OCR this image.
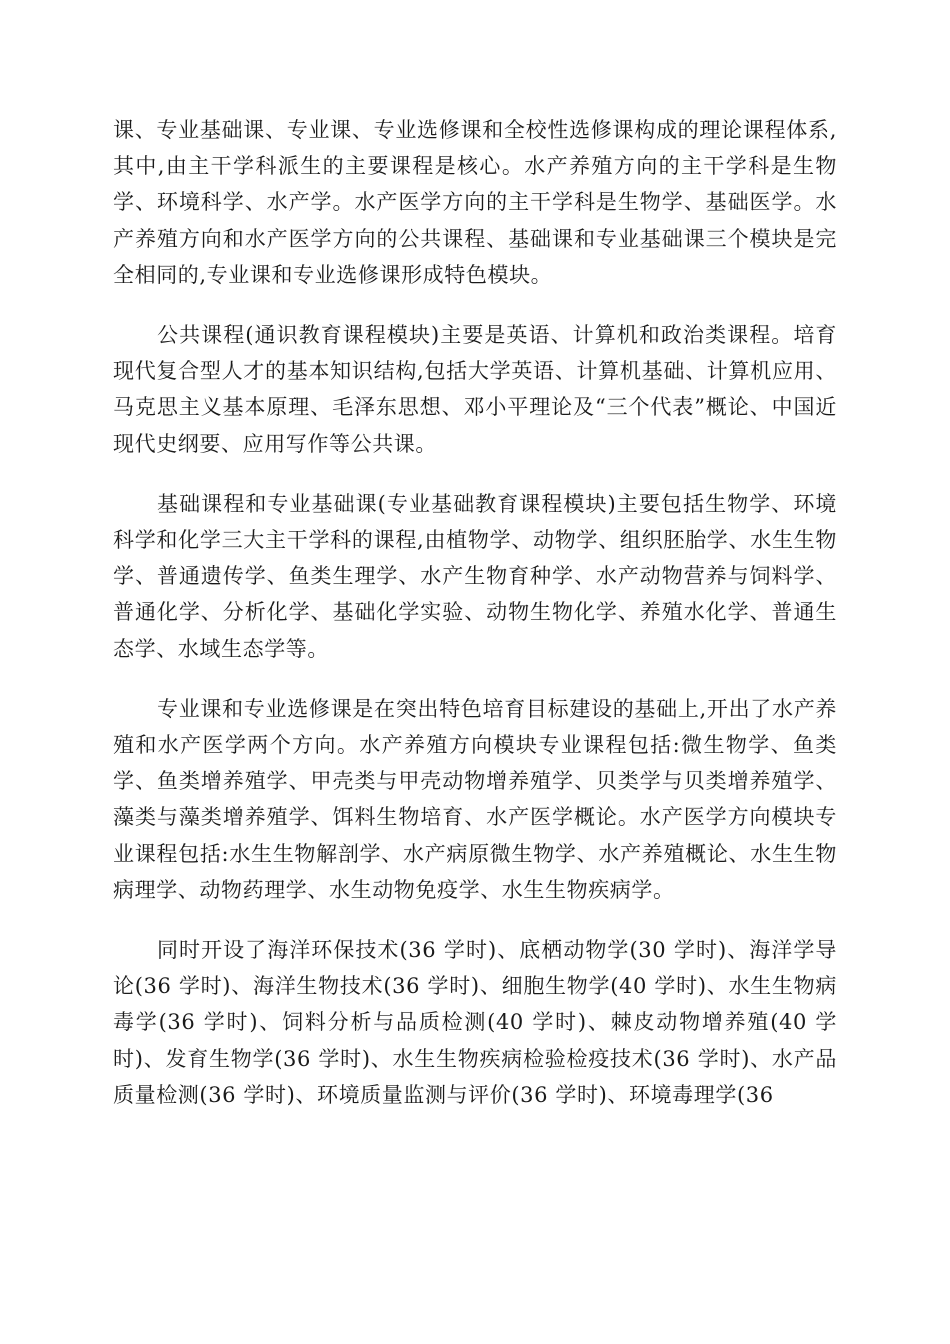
课、专业基础课、专业课、专业选修课和全校性选修课构成的理论课程体系,其中,由主干学科派生的主要课程是核心。水产养殖方向的主干学科是生物学、环境科学、水产学。水产医学方向的主干学科是生物学、基础医学。水产养殖方向和水产医学方向的公共课程、基础课和专业基础课三个模块是完全相同的,专业课和专业选修课形成特色模块。

公共课程(通识教育课程模块)主要是英语、计算机和政治类课程。培育现代复合型人才的基本知识结构,包括大学英语、计算机基础、计算机应用、马克思主义基本原理、毛泽东思想、邓小平理论及“三个代表”概论、中国近现代史纲要、应用写作等公共课。

基础课程和专业基础课(专业基础教育课程模块)主要包括生物学、环境科学和化学三大主干学科的课程,由植物学、动物学、组织胚胎学、水生生物学、普通遗传学、鱼类生理学、水产生物育种学、水产动物营养与饲料学、普通化学、分析化学、基础化学实验、动物生物化学、养殖水化学、普通生态学、水域生态学等。

专业课和专业选修课是在突出特色培育目标建设的基础上,开出了水产养殖和水产医学两个方向。水产养殖方向模块专业课程包括:微生物学、鱼类学、鱼类增养殖学、甲壳类与甲壳动物增养殖学、贝类学与贝类增养殖学、藻类与藻类增养殖学、饵料生物培育、水产医学概论。水产医学方向模块专业课程包括:水生生物解剖学、水产病原微生物学、水产养殖概论、水生生物病理学、动物药理学、水生动物免疫学、水生生物疾病学。

同时开设了海洋环保技术(36 学时)、底栖动物学(30 学时)、海洋学导论(36 学时)、海洋生物技术(36 学时)、细胞生物学(40 学时)、水生生物病毒学(36 学时)、饲料分析与品质检测(40 学时)、棘皮动物增养殖(40 学时)、发育生物学(36 学时)、水生生物疾病检验检疫技术(36 学时)、水产品质量检测(36 学时)、环境质量监测与评价(36 学时)、环境毒理学(36
